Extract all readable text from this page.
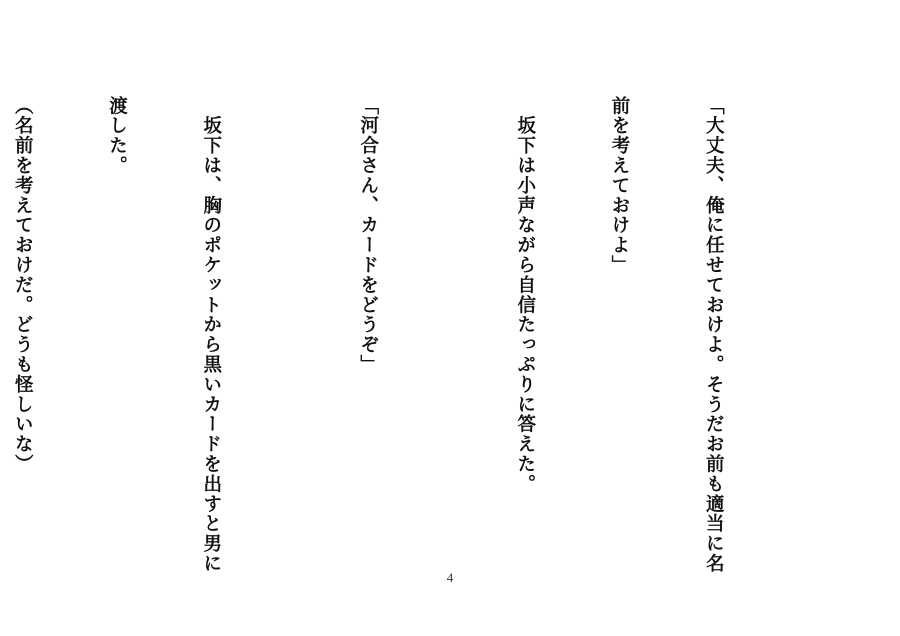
「大丈夫、俺に任せておけよ。そうだお前も適当に名

前を考えておけよ」

　坂下は小声ながら自信たっぷりに答えた。

「河合さん、カードをどうぞ」

　坂下は、胸のポケットから黒いカードを出すと男に

渡した。

（名前を考えておけだ。どうも怪しいな）

4
